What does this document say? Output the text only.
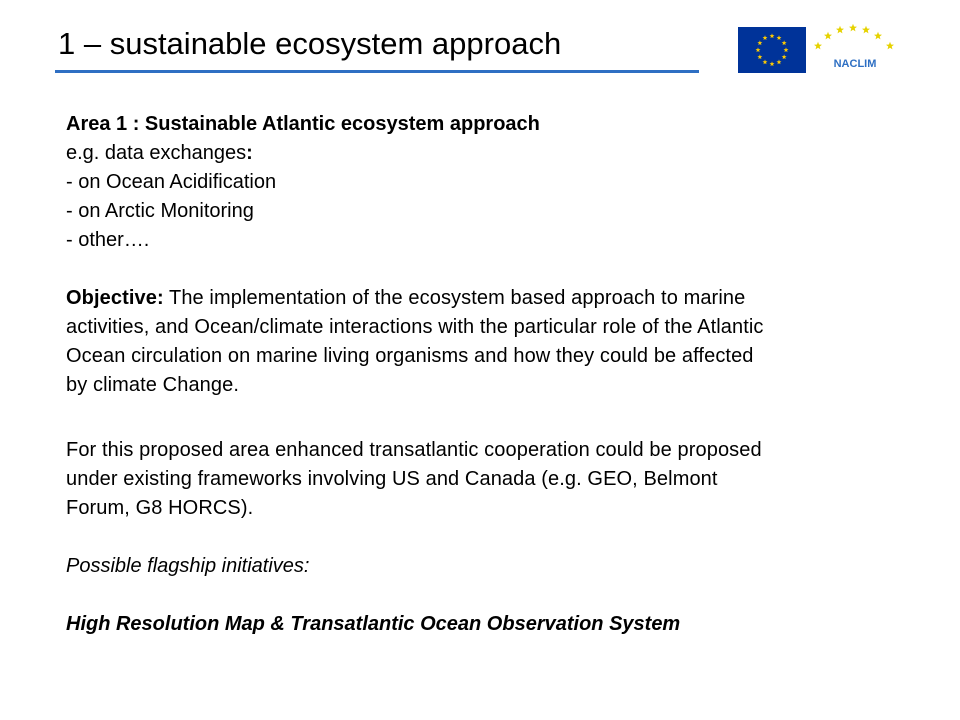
1 – sustainable ecosystem approach
NACLIM

Area 1 : Sustainable Atlantic ecosystem approach

e.g. data exchanges:

- on Ocean Acidification

- on Arctic Monitoring

- other….

Objective: The implementation of the ecosystem based approach to marine

activities, and Ocean/climate interactions with the particular role of the Atlantic

Ocean circulation on marine living organisms and how they could be affected

by climate Change.

For this proposed area enhanced transatlantic cooperation could be proposed

under existing frameworks involving US and Canada (e.g. GEO, Belmont

Forum, G8 HORCS).

Possible flagship initiatives:

High Resolution Map & Transatlantic Ocean Observation System
